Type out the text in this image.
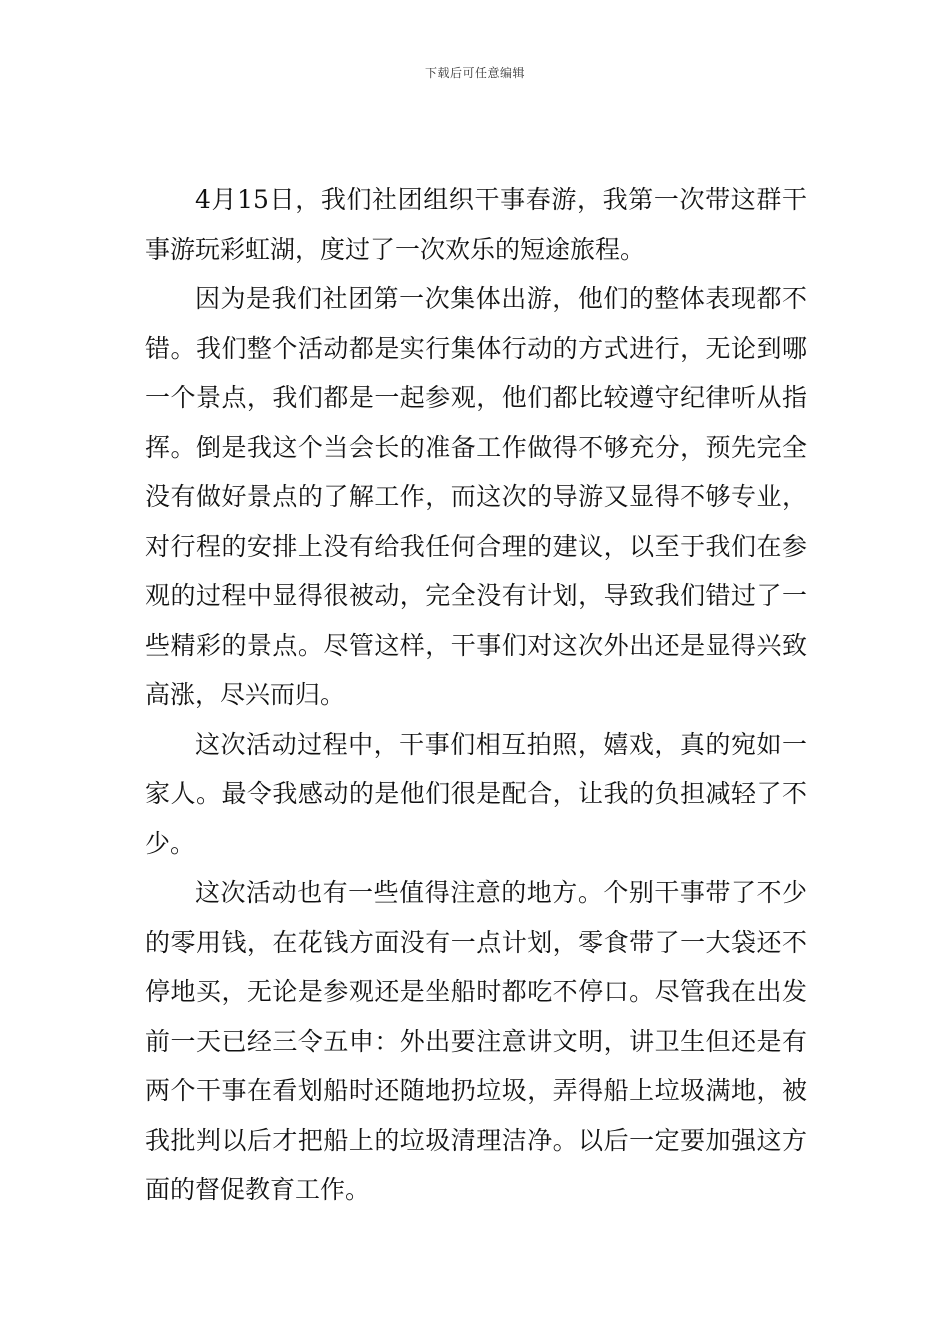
下载后可任意编辑

4月15日，我们社团组织干事春游，我第一次带这群干事游玩彩虹湖，度过了一次欢乐的短途旅程。

因为是我们社团第一次集体出游，他们的整体表现都不错。我们整个活动都是实行集体行动的方式进行，无论到哪一个景点，我们都是一起参观，他们都比较遵守纪律听从指挥。倒是我这个当会长的准备工作做得不够充分，预先完全没有做好景点的了解工作，而这次的导游又显得不够专业，对行程的安排上没有给我任何合理的建议，以至于我们在参观的过程中显得很被动，完全没有计划，导致我们错过了一些精彩的景点。尽管这样，干事们对这次外出还是显得兴致高涨，尽兴而归。

这次活动过程中，干事们相互拍照，嬉戏，真的宛如一家人。最令我感动的是他们很是配合，让我的负担减轻了不少。

这次活动也有一些值得注意的地方。个别干事带了不少的零用钱，在花钱方面没有一点计划，零食带了一大袋还不停地买，无论是参观还是坐船时都吃不停口。尽管我在出发前一天已经三令五申：外出要注意讲文明，讲卫生但还是有两个干事在看划船时还随地扔垃圾，弄得船上垃圾满地，被我批判以后才把船上的垃圾清理洁净。以后一定要加强这方面的督促教育工作。
